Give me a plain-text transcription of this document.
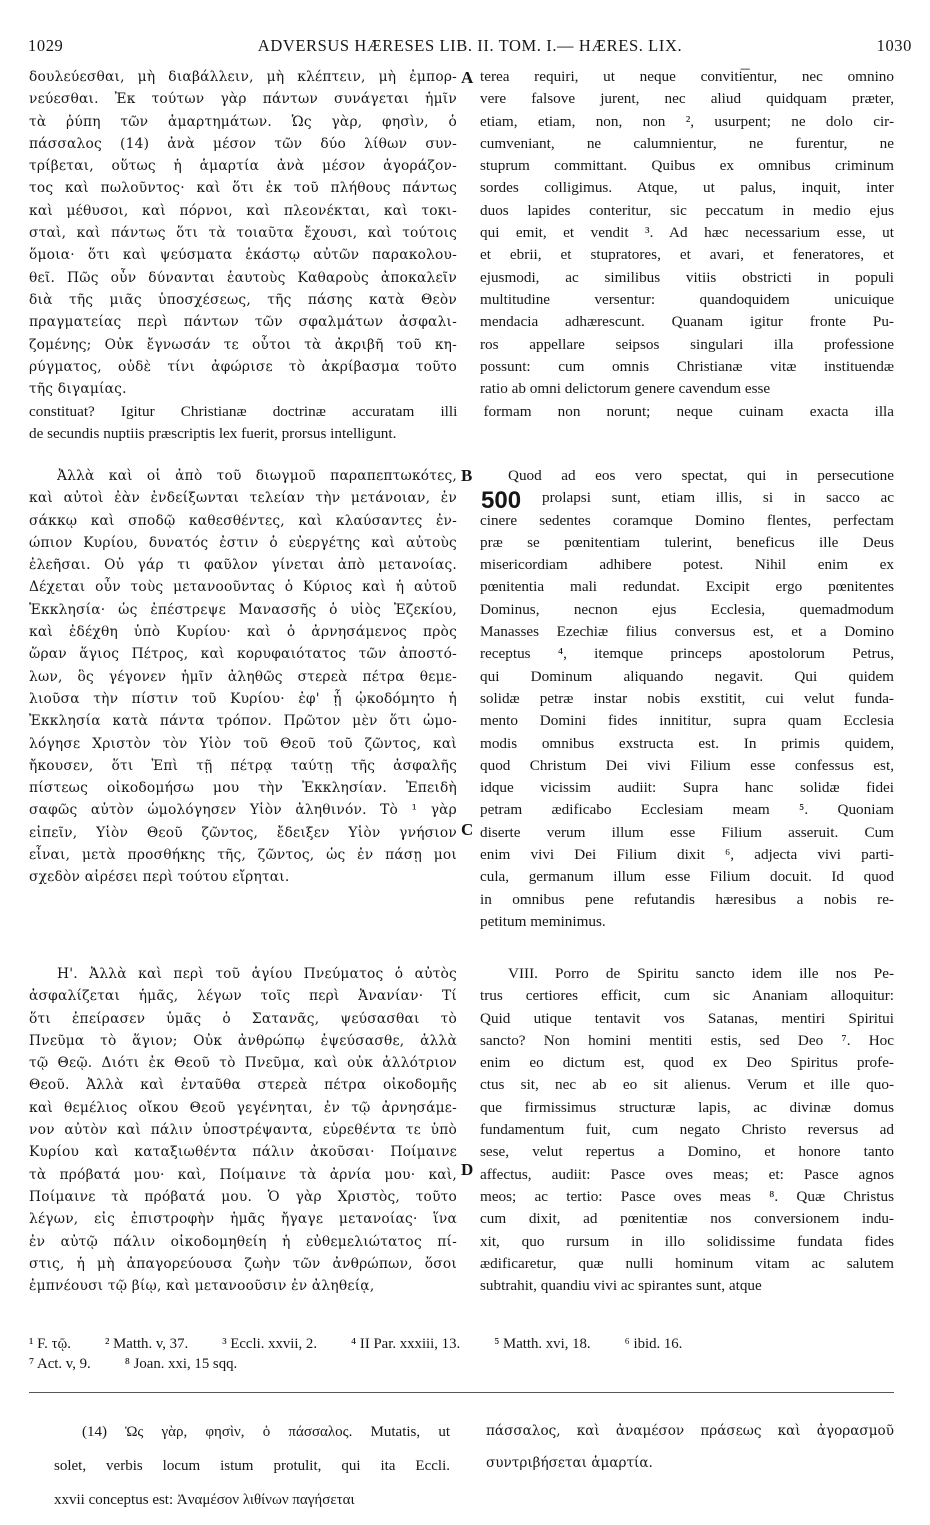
1029	ADVERSUS HÆRESES LIB. II. TOM. I.— HÆRES. LIX.	1030

δουλεύεσθαι, μὴ διαβάλλειν, μὴ κλέπτειν, μὴ ἐμπορ-

νεύεσθαι. Ἐκ τούτων γὰρ πάντων συνάγεται ἡμῖν

τὰ ῥύπη τῶν ἁμαρτημάτων. Ὡς γὰρ, φησὶν, ὁ

πάσσαλος (14) ἀνὰ μέσον τῶν δύο λίθων συν-

τρίβεται, οὕτως ἡ ἁμαρτία ἀνὰ μέσον ἀγοράζον-

τος καὶ πωλοῦντος· καὶ ὅτι ἐκ τοῦ πλήθους πάντως

καὶ μέθυσοι, καὶ πόρνοι, καὶ πλεονέκται, καὶ τοκι-

σταὶ, καὶ πάντως ὅτι τὰ τοιαῦτα ἔχουσι, καὶ τούτοις

ὅμοια· ὅτι καὶ ψεύσματα ἑκάστῳ αὐτῶν παρακολου-

θεῖ. Πῶς οὖν δύνανται ἑαυτοὺς Καθαροὺς ἀποκαλεῖν

διὰ τῆς μιᾶς ὑποσχέσεως, τῆς πάσης κατὰ Θεὸν

πραγματείας περὶ πάντων τῶν σφαλμάτων ἀσφαλι-

ζομένης; Οὐκ ἔγνωσάν τε οὗτοι τὰ ἀκριβῆ τοῦ κη-

ρύγματος, οὐδὲ τίνι ἀφώρισε τὸ ἀκρίβασμα τοῦτο

τῆς διγαμίας.

A terea requiri, ut neque conviti͞entur, nec omnino

vere falsove jurent, nec aliud quidquam præter,

etiam, etiam, non, non ², usurpent; ne dolo cir-

cumveniant, ne calumnientur, ne furentur, ne

stuprum committant. Quibus ex omnibus criminum

sordes colligimus. Atque, ut palus, inquit, inter

duos lapides conteritur, sic peccatum in medio ejus

qui emit, et vendit ³. Ad hæc necessarium esse, ut

et ebrii, et stupratores, et avari, et feneratores, et

ejusmodi, ac similibus vitiis obstricti in populi

multitudine versentur: quandoquidem unicuique

mendacia adhærescunt. Quanam igitur fronte Pu-

ros appellare seipsos singulari illa professione

possunt: cum omnis Christianæ vitæ instituendæ

ratio ab omni delictorum genere cavendum esse

constituat? Igitur Christianæ doctrinæ accuratam illi formam non norunt; neque cuinam exacta illa

de secundis nuptiis præscriptis lex fuerit, prorsus intelligunt.

Ἀλλὰ καὶ οἱ ἀπὸ τοῦ διωγμοῦ παραπεπτωκότες,

καὶ αὐτοὶ ἐὰν ἐνδείξωνται τελείαν τὴν μετάνοιαν, ἐν

σάκκῳ καὶ σποδῷ καθεσθέντες, καὶ κλαύσαντες ἐν-

ώπιον Κυρίου, δυνατός ἐστιν ὁ εὐεργέτης καὶ αὐτοὺς

ἐλεῆσαι. Οὐ γάρ τι φαῦλον γίνεται ἀπὸ μετανοίας.

Δέχεται οὖν τοὺς μετανοοῦντας ὁ Κύριος καὶ ἡ αὐτοῦ

Ἐκκλησία· ὡς ἐπέστρεψε Μανασσῆς ὁ υἱὸς Ἐζεκίου,

καὶ ἐδέχθη ὑπὸ Κυρίου· καὶ ὁ ἀρνησάμενος πρὸς

ὥραν ἅγιος Πέτρος, καὶ κορυφαιότατος τῶν ἀποστό-

λων, ὃς γέγονεν ἡμῖν ἀληθῶς στερεὰ πέτρα θεμε-

λιοῦσα τὴν πίστιν τοῦ Κυρίου· ἐφ' ᾗ ᾠκοδόμητο ἡ

Ἐκκλησία κατὰ πάντα τρόπον. Πρῶτον μὲν ὅτι ὡμο-

λόγησε Χριστὸν τὸν Υἱὸν τοῦ Θεοῦ τοῦ ζῶντος, καὶ

ἤκουσεν, ὅτι Ἐπὶ τῇ πέτρᾳ ταύτῃ τῆς ἀσφαλῆς

πίστεως οἰκοδομήσω μου τὴν Ἐκκλησίαν. Ἐπειδὴ

σαφῶς αὐτὸν ὡμολόγησεν Υἱὸν ἀληθινόν. Τὸ ¹ γὰρ

εἰπεῖν, Υἱὸν Θεοῦ ζῶντος, ἔδειξεν Υἱὸν γνήσιον

εἶναι, μετὰ προσθήκης τῆς, ζῶντος, ὡς ἐν πάσῃ μοι

σχεδὸν αἱρέσει περὶ τούτου εἴρηται.

B
C

Quod ad eos vero spectat, qui in persecutione

prolapsi sunt, etiam illis, si in sacco ac

cinere sedentes coramque Domino flentes, perfectam

præ se pœnitentiam tulerint, beneficus ille Deus

misericordiam adhibere potest. Nihil enim ex

pœnitentia mali redundat. Excipit ergo pœnitentes

Dominus, necnon ejus Ecclesia, quemadmodum

Manasses Ezechiæ filius conversus est, et a Domino

receptus ⁴, itemque princeps apostolorum Petrus,

qui Dominum aliquando negavit. Qui quidem

solidæ petræ instar nobis exstitit, cui velut funda-

mento Domini fides innititur, supra quam Ecclesia

modis omnibus exstructa est. In primis quidem,

quod Christum Dei vivi Filium esse confessus est,

idque vicissim audiit: Supra hanc solidæ fidei

petram ædificabo Ecclesiam meam ⁵. Quoniam

diserte verum illum esse Filium asseruit. Cum

enim vivi Dei Filium dixit ⁶, adjecta vivi parti-

cula, germanum illum esse Filium docuit. Id quod

in omnibus pene refutandis hæresibus a nobis re-

petitum meminimus.

500

Η'. Ἀλλὰ καὶ περὶ τοῦ ἁγίου Πνεύματος ὁ αὐτὸς

ἀσφαλίζεται ἡμᾶς, λέγων τοῖς περὶ Ἀνανίαν· Τί

ὅτι ἐπείρασεν ὑμᾶς ὁ Σατανᾶς, ψεύσασθαι τὸ

Πνεῦμα τὸ ἅγιον; Οὐκ ἀνθρώπῳ ἐψεύσασθε, ἀλλὰ

τῷ Θεῷ. Διότι ἐκ Θεοῦ τὸ Πνεῦμα, καὶ οὐκ ἀλλότριον

Θεοῦ. Ἀλλὰ καὶ ἐνταῦθα στερεὰ πέτρα οἰκοδομῆς

καὶ θεμέλιος οἴκου Θεοῦ γεγένηται, ἐν τῷ ἀρνησάμε-

νον αὐτὸν καὶ πάλιν ὑποστρέψαντα, εὑρεθέντα τε ὑπὸ

Κυρίου καὶ καταξιωθέντα πάλιν ἀκοῦσαι· Ποίμαινε

τὰ πρόβατά μου· καὶ, Ποίμαινε τὰ ἀρνία μου· καὶ,

Ποίμαινε τὰ πρόβατά μου. Ὁ γὰρ Χριστὸς, τοῦτο

λέγων, εἰς ἐπιστροφὴν ἡμᾶς ἤγαγε μετανοίας· ἵνα

ἐν αὐτῷ πάλιν οἰκοδομηθείη ἡ εὐθεμελιώτατος πί-

στις, ἡ μὴ ἀπαγορεύουσα ζωὴν τῶν ἀνθρώπων, ὅσοι

ἐμπνέουσι τῷ βίῳ, καὶ μετανοοῦσιν ἐν ἀληθείᾳ,

D

VIII. Porro de Spiritu sancto idem ille nos Pe-

trus certiores efficit, cum sic Ananiam alloquitur:

Quid utique tentavit vos Satanas, mentiri Spiritui

sancto? Non homini mentiti estis, sed Deo ⁷. Hoc

enim eo dictum est, quod ex Deo Spiritus profe-

ctus sit, nec ab eo sit alienus. Verum et ille quo-

que firmissimus structuræ lapis, ac divinæ domus

fundamentum fuit, cum negato Christo reversus ad

sese, velut repertus a Domino, et honore tanto

affectus, audiit: Pasce oves meas; et: Pasce agnos

meos; ac tertio: Pasce oves meas ⁸. Quæ Christus

cum dixit, ad pœnitentiæ nos conversionem indu-

xit, quo rursum in illo solidissime fundata fides

ædificaretur, quæ nulli hominum vitam ac salutem

subtrahit, quandiu vivi ac spirantes sunt, atque

¹ F. τῷ. ² Matth. v, 37. ³ Eccli. xxvii, 2. ⁴ II Par. xxxiii, 13. ⁵ Matth. xvi, 18. ⁶ ibid. 16.
⁷ Act. v, 9. ⁸ Joan. xxi, 15 sqq.

(14) Ὡς γὰρ, φησὶν, ὁ πάσσαλος. Mutatis, ut

solet, verbis locum istum protulit, qui ita Eccli.

xxvii conceptus est: Ἀναμέσον λιθίνων παγήσεται

πάσσαλος, καὶ ἀναμέσον πράσεως καὶ ἀγορασμοῦ

συντριβήσεται ἁμαρτία.
